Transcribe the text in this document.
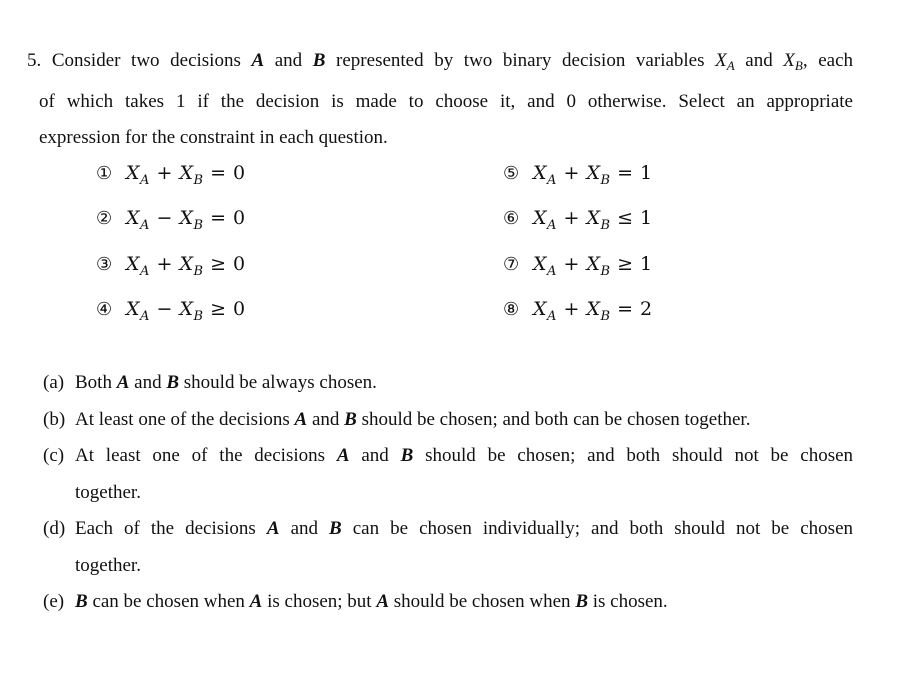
5. Consider two decisions A and B represented by two binary decision variables $X_A$ and $X_B$, each
of which takes 1 if the decision is made to choose it, and 0 otherwise. Select an appropriate
expression for the constraint in each question.
① $X_A + X_B = 0$
② $X_A - X_B = 0$
③ $X_A + X_B \ge 0$
④ $X_A - X_B \ge 0$
⑤ $X_A + X_B = 1$
⑥ $X_A + X_B \le 1$
⑦ $X_A + X_B \ge 1$
⑧ $X_A + X_B = 2$
(a) Both A and B should be always chosen.
(b) At least one of the decisions A and B should be chosen; and both can be chosen together.
(c) At least one of the decisions A and B should be chosen; and both should not be chosen
together.
(d) Each of the decisions A and B can be chosen individually; and both should not be chosen
together.
(e) B can be chosen when A is chosen; but A should be chosen when B is chosen.
